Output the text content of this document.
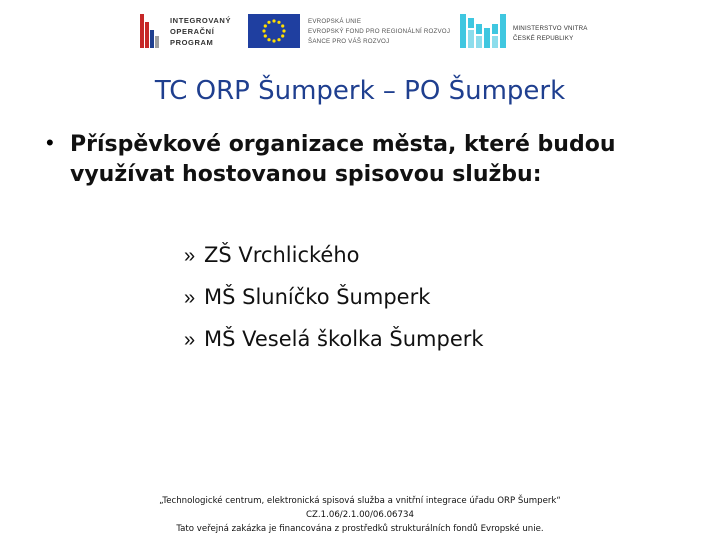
INTEGROVANÝ
OPERAČNÍ
PROGRAM
EVROPSKÁ UNIE
EVROPSKÝ FOND PRO REGIONÁLNÍ ROZVOJ
ŠANCE PRO VÁŠ ROZVOJ
MINISTERSTVO VNITRA
ČESKÉ REPUBLIKY
TC ORP Šumperk – PO Šumperk
• Příspěvkové organizace města, které budou
využívat hostovanou spisovou službu:
» ZŠ Vrchlického
» MŠ Sluníčko Šumperk
» MŠ Veselá školka Šumperk
„Technologické centrum, elektronická spisová služba a vnitřní integrace úřadu ORP Šumperk“
CZ.1.06/2.1.00/06.06734
Tato veřejná zakázka je financována z prostředků strukturálních fondů Evropské unie.
